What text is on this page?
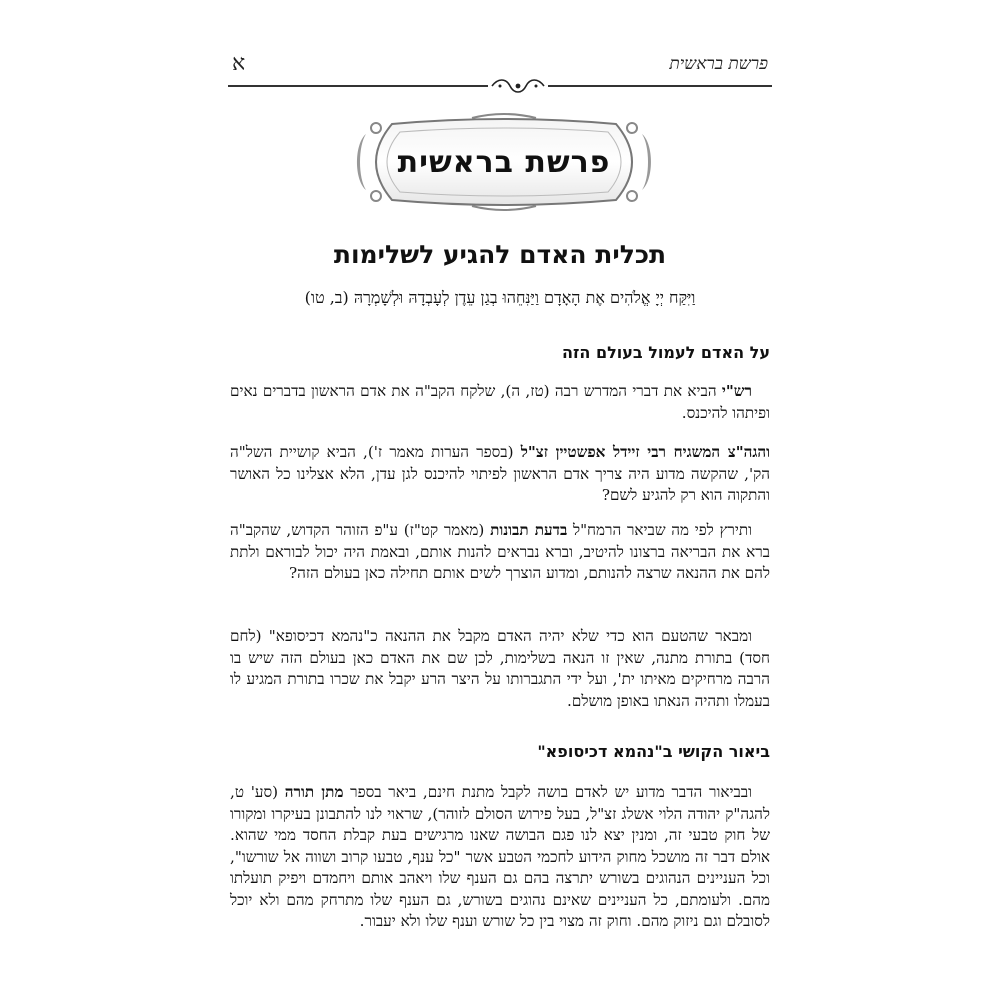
א	פרשת בראשית
פרשת בראשית
תכלית האדם להגיע לשלימות
וַיִּקַּח יְיָ אֱלֹהִים אֶת הָאָדָם וַיַּנִּחֵהוּ בְגַן עֵדֶן לְעָבְדָהּ וּלְשָׁמְרָהּ (ב, טו)
על האדם לעמול בעולם הזה

רש"י הביא את דברי המדרש רבה (טז, ה), שלקח הקב"ה את אדם הראשון בדברים נאים ופיתהו להיכנס.

והגה"צ המשגיח רבי זיידל אפשטיין זצ"ל (בספר הערות מאמר ז'), הביא קושיית השל"ה הק', שהקשה מדוע היה צריך אדם הראשון לפיתוי להיכנס לגן עדן, הלא אצלינו כל האושר והתקוה הוא רק להגיע לשם?

ותירץ לפי מה שביאר הרמח"ל בדעת תבונות (מאמר קט"ז) ע"פ הזוהר הקדוש, שהקב"ה ברא את הבריאה ברצונו להיטיב, וברא נבראים להנות אותם, ובאמת היה יכול לבוראם ולתת להם את ההנאה שרצה להנותם, ומדוע הוצרך לשים אותם תחילה כאן בעולם הזה?

ומבאר שהטעם הוא כדי שלא יהיה האדם מקבל את ההנאה כ"נהמא דכיסופא" (לחם חסד) בתורת מתנה, שאין זו הנאה בשלימות, לכן שם את האדם כאן בעולם הזה שיש בו הרבה מרחיקים מאיתו ית', ועל ידי התגברותו על היצר הרע יקבל את שכרו בתורת המגיע לו בעמלו ותהיה הנאתו באופן מושלם.

ביאור הקושי ב"נהמא דכיסופא"

ובביאור הדבר מדוע יש לאדם בושה לקבל מתנת חינם, ביאר בספר מתן תורה (סע' ט, להגה"ק יהודה הלוי אשלג זצ"ל, בעל פירוש הסולם לזוהר), שראוי לנו להתבונן בעיקרו ומקורו של חוק טבעי זה, ומנין יצא לנו פגם הבושה שאנו מרגישים בעת קבלת החסד ממי שהוא. אולם דבר זה מושכל מחוק הידוע לחכמי הטבע אשר "כל ענף, טבעו קרוב ושווה אל שורשו", וכל העניינים הנהוגים בשורש יתרצה בהם גם הענף שלו ויאהב אותם ויחמדם ויפיק תועלתו מהם. ולעומתם, כל העניינים שאינם נהוגים בשורש, גם הענף שלו מתרחק מהם ולא יוכל לסובלם וגם ניזוק מהם. וחוק זה מצוי בין כל שורש וענף שלו ולא יעבור.
